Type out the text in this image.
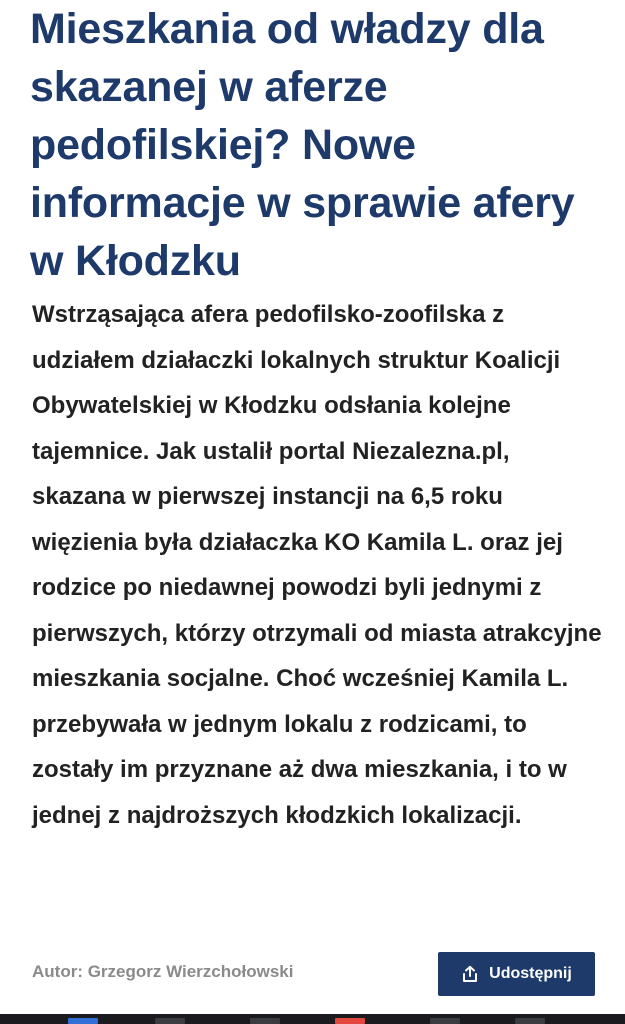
Mieszkania od władzy dla skazanej w aferze pedofilskiej? Nowe informacje w sprawie afery w Kłodzku

Wstrząsająca afera pedofilsko-zoofilska z udziałem działaczki lokalnych struktur Koalicji Obywatelskiej w Kłodzku odsłania kolejne tajemnice. Jak ustalił portal Niezalezna.pl, skazana w pierwszej instancji na 6,5 roku więzienia była działaczka KO Kamila L. oraz jej rodzice po niedawnej powodzi byli jednymi z pierwszych, którzy otrzymali od miasta atrakcyjne mieszkania socjalne. Choć wcześniej Kamila L. przebywała w jednym lokalu z rodzicami, to zostały im przyznane aż dwa mieszkania, i to w jednej z najdroższych kłodzkich lokalizacji.

Autor: Grzegorz Wierzchołowski	Udostępnij
